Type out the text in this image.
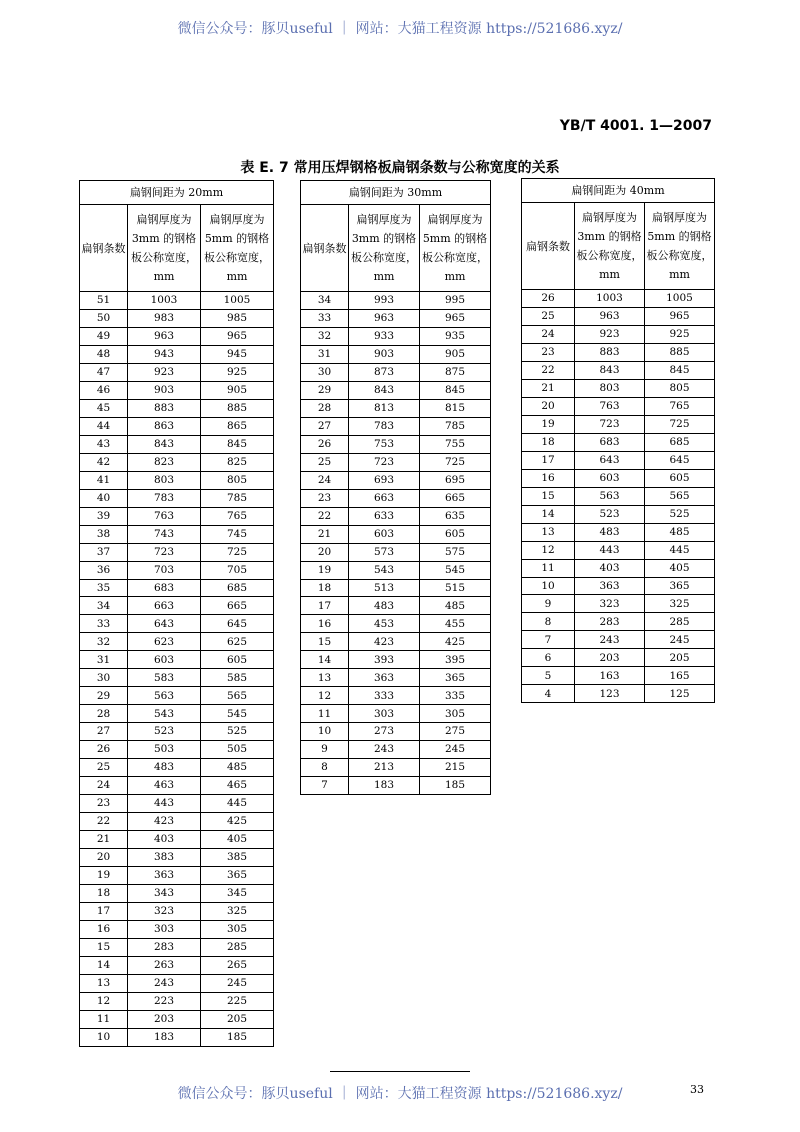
微信公众号：豚贝useful ｜ 网站：大猫工程资源 https://521686.xyz/
YB/T 4001. 1—2007
表 E. 7 常用压焊钢格板扁钢条数与公称宽度的关系
扁钢间距为 20mm		
扁钢条数	扁钢厚度为3mm 的钢格板公称宽度，mm	扁钢厚度为5mm 的钢格板公称宽度，mm
51	1003	1005
50	983	985
49	963	965
48	943	945
47	923	925
46	903	905
45	883	885
44	863	865
43	843	845
42	823	825
41	803	805
40	783	785
39	763	765
38	743	745
37	723	725
36	703	705
35	683	685
34	663	665
33	643	645
32	623	625
31	603	605
30	583	585
29	563	565
28	543	545
27	523	525
26	503	505
25	483	485
24	463	465
23	443	445
22	423	425
21	403	405
20	383	385
19	363	365
18	343	345
17	323	325
16	303	305
15	283	285
14	263	265
13	243	245
12	223	225
11	203	205
10	183	185
扁钢间距为 30mm		
扁钢条数	扁钢厚度为3mm 的钢格板公称宽度，mm	扁钢厚度为5mm 的钢格板公称宽度，mm
34	993	995
33	963	965
32	933	935
31	903	905
30	873	875
29	843	845
28	813	815
27	783	785
26	753	755
25	723	725
24	693	695
23	663	665
22	633	635
21	603	605
20	573	575
19	543	545
18	513	515
17	483	485
16	453	455
15	423	425
14	393	395
13	363	365
12	333	335
11	303	305
10	273	275
9	243	245
8	213	215
7	183	185
扁钢间距为 40mm		
扁钢条数	扁钢厚度为3mm 的钢格板公称宽度，mm	扁钢厚度为5mm 的钢格板公称宽度，mm
26	1003	1005
25	963	965
24	923	925
23	883	885
22	843	845
21	803	805
20	763	765
19	723	725
18	683	685
17	643	645
16	603	605
15	563	565
14	523	525
13	483	485
12	443	445
11	403	405
10	363	365
9	323	325
8	283	285
7	243	245
6	203	205
5	163	165
4	123	125
微信公众号：豚贝useful ｜ 网站：大猫工程资源 https://521686.xyz/	33
